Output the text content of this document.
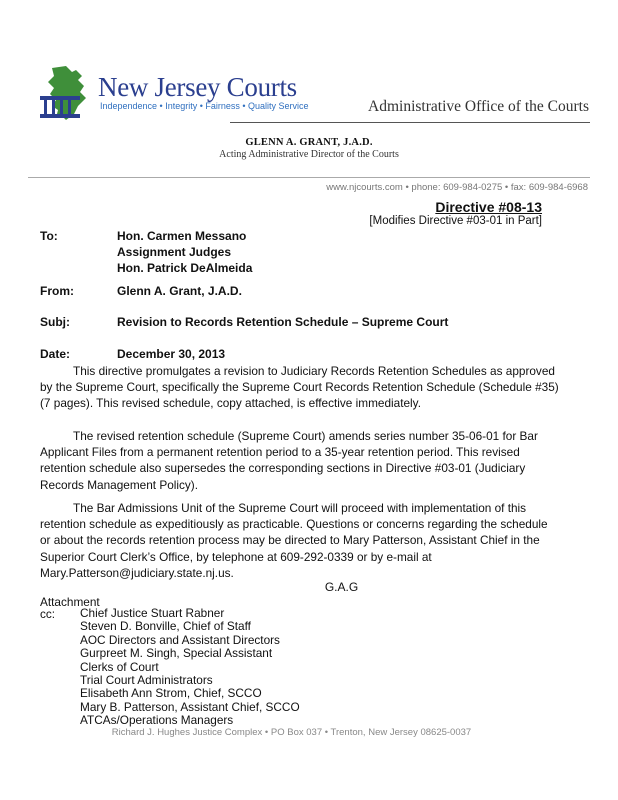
New Jersey Courts
Independence • Integrity • Fairness • Quality Service	Administrative Office of the Courts
GLENN A. GRANT, J.A.D.
Acting Administrative Director of the Courts
www.njcourts.com • phone: 609-984-0275 • fax: 609-984-6968
Directive #08-13
[Modifies Directive #03-01 in Part]
To:	Hon. Carmen Messano
Assignment Judges
Hon. Patrick DeAlmeida
From:	Glenn A. Grant, J.A.D.
Subj:	Revision to Records Retention Schedule – Supreme Court
Date:	December 30, 2013
This directive promulgates a revision to Judiciary Records Retention Schedules as approved by the Supreme Court, specifically the Supreme Court Records Retention Schedule (Schedule #35) (7 pages). This revised schedule, copy attached, is effective immediately.
The revised retention schedule (Supreme Court) amends series number 35-06-01 for Bar Applicant Files from a permanent retention period to a 35-year retention period. This revised retention schedule also supersedes the corresponding sections in Directive #03-01 (Judiciary Records Management Policy).
The Bar Admissions Unit of the Supreme Court will proceed with implementation of this retention schedule as expeditiously as practicable. Questions or concerns regarding the schedule or about the records retention process may be directed to Mary Patterson, Assistant Chief in the Superior Court Clerk’s Office, by telephone at 609-292-0339 or by e-mail at Mary.Patterson@judiciary.state.nj.us.
G.A.G
Attachment
cc: Chief Justice Stuart Rabner
Steven D. Bonville, Chief of Staff
AOC Directors and Assistant Directors
Gurpreet M. Singh, Special Assistant
Clerks of Court
Trial Court Administrators
Elisabeth Ann Strom, Chief, SCCO
Mary B. Patterson, Assistant Chief, SCCO
ATCAs/Operations Managers
Richard J. Hughes Justice Complex • PO Box 037 • Trenton, New Jersey 08625-0037
